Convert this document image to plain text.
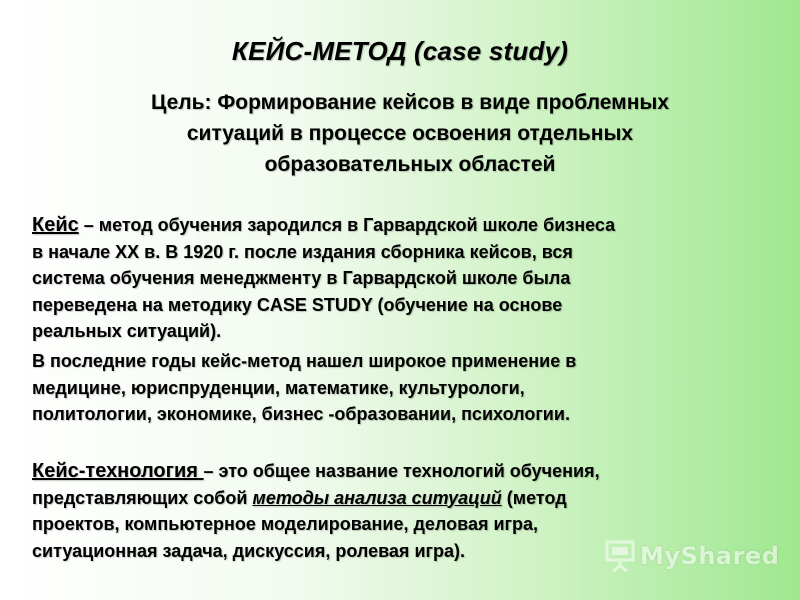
КЕЙС-МЕТОД (case study)
Цель: Формирование кейсов в виде проблемных
ситуаций в процессе освоения отдельных
образовательных областей
Кейс – метод обучения зародился в Гарвардской школе бизнеса
в начале XX в. В 1920 г. после издания сборника кейсов, вся
система обучения менеджменту в Гарвардской школе была
переведена на методику CASE STUDY (обучение на основе
реальных ситуаций).
В последние годы кейс-метод нашел широкое применение в
медицине, юриспруденции, математике, культурологи,
политологии, экономике, бизнес -образовании, психологии.
Кейс-технология – это общее название технологий обучения,
представляющих собой методы анализа ситуаций (метод
проектов, компьютерное моделирование, деловая игра,
ситуационная задача, дискуссия, ролевая игра).	MyShared
